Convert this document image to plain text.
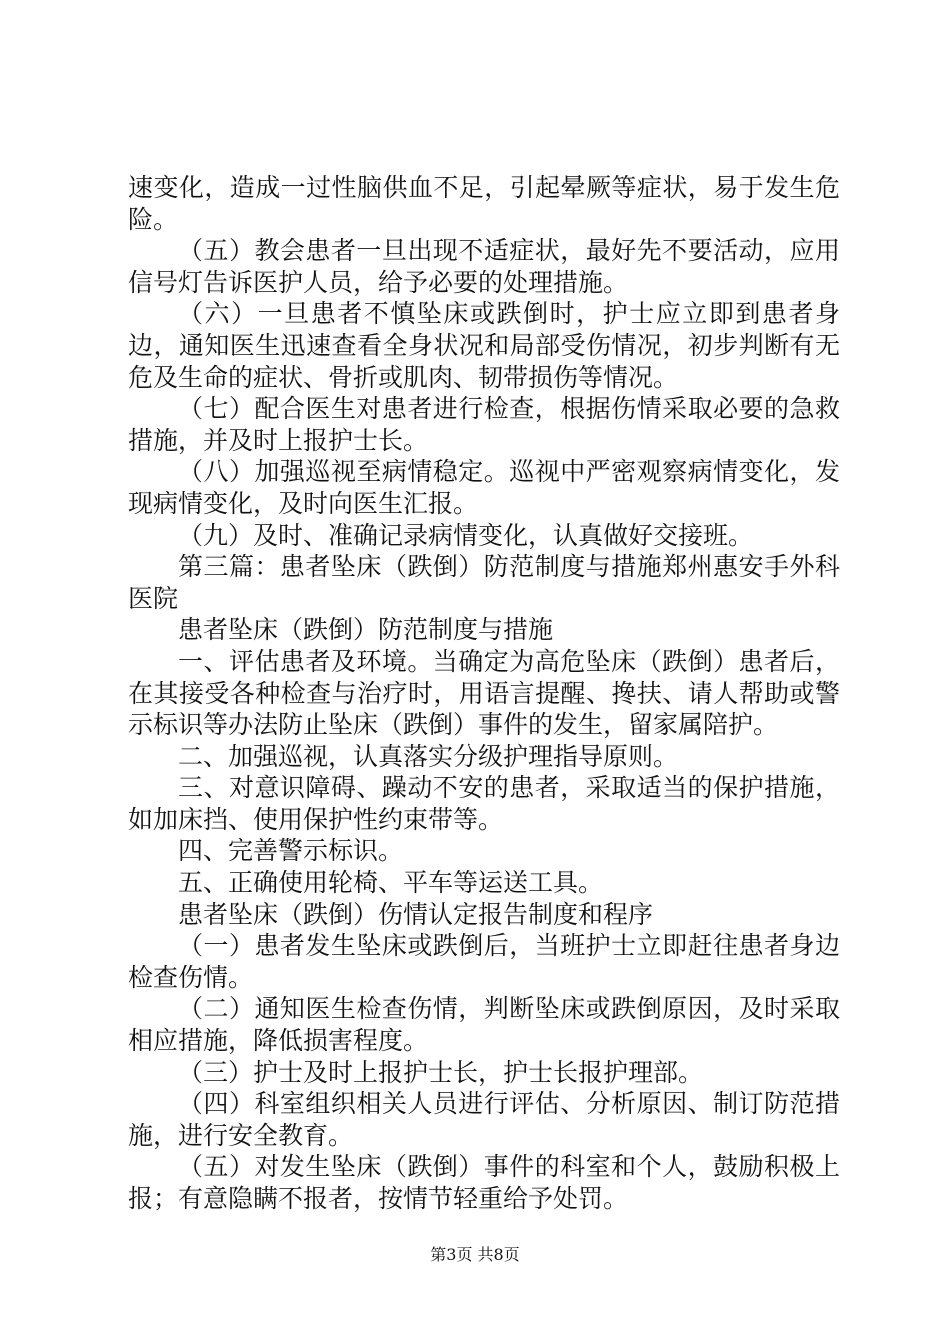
速变化，造成一过性脑供血不足，引起晕厥等症状，易于发生危险。

（五）教会患者一旦出现不适症状，最好先不要活动，应用信号灯告诉医护人员，给予必要的处理措施。

（六）一旦患者不慎坠床或跌倒时，护士应立即到患者身边，通知医生迅速查看全身状况和局部受伤情况，初步判断有无危及生命的症状、骨折或肌肉、韧带损伤等情况。

（七）配合医生对患者进行检查，根据伤情采取必要的急救措施，并及时上报护士长。

（八）加强巡视至病情稳定。巡视中严密观察病情变化，发现病情变化，及时向医生汇报。

（九）及时、准确记录病情变化，认真做好交接班。

第三篇：患者坠床（跌倒）防范制度与措施郑州惠安手外科医院

患者坠床（跌倒）防范制度与措施

一、评估患者及环境。当确定为高危坠床（跌倒）患者后，在其接受各种检查与治疗时，用语言提醒、搀扶、请人帮助或警示标识等办法防止坠床（跌倒）事件的发生，留家属陪护。

二、加强巡视，认真落实分级护理指导原则。

三、对意识障碍、躁动不安的患者，采取适当的保护措施，如加床挡、使用保护性约束带等。

四、完善警示标识。

五、正确使用轮椅、平车等运送工具。

患者坠床（跌倒）伤情认定报告制度和程序

（一）患者发生坠床或跌倒后，当班护士立即赶往患者身边检查伤情。

（二）通知医生检查伤情，判断坠床或跌倒原因，及时采取相应措施，降低损害程度。

（三）护士及时上报护士长，护士长报护理部。

（四）科室组织相关人员进行评估、分析原因、制订防范措施，进行安全教育。

（五）对发生坠床（跌倒）事件的科室和个人，鼓励积极上报；有意隐瞒不报者，按情节轻重给予处罚。

第3页 共8页
